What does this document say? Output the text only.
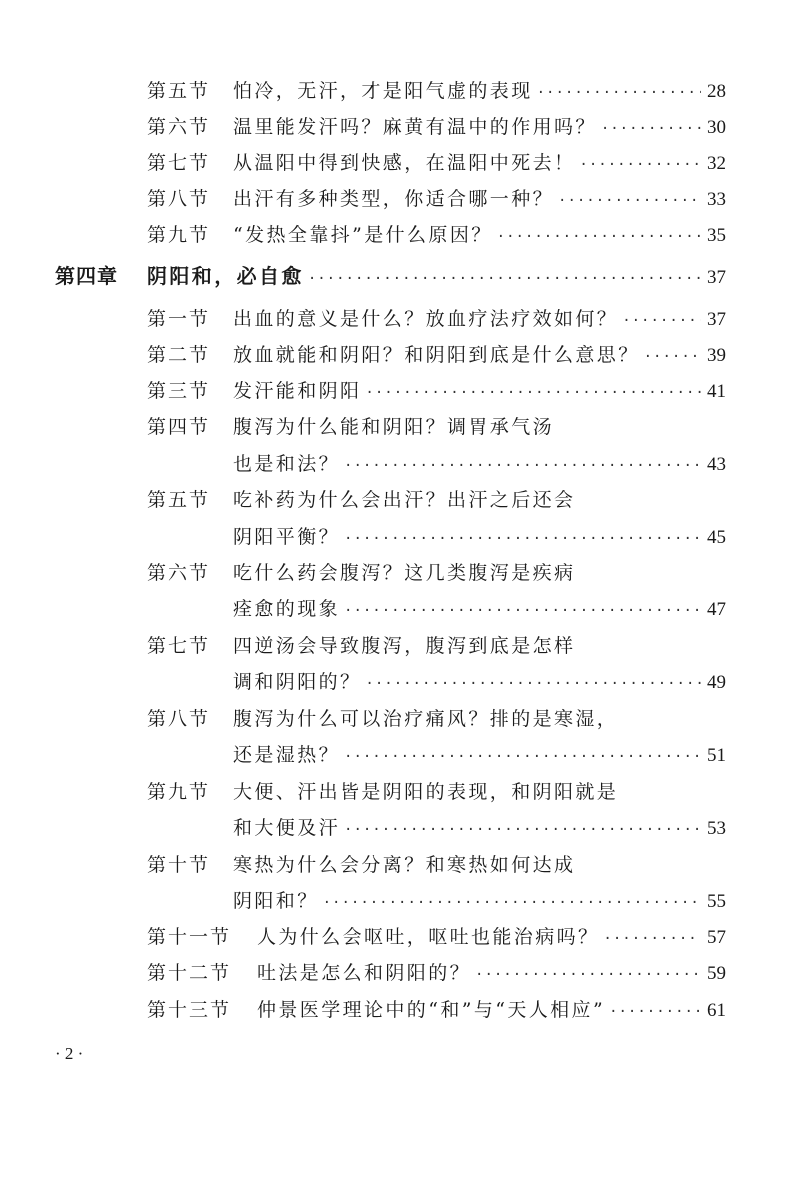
第五节	怕冷，无汗，才是阳气虚的表现 ·····	28
第六节	温里能发汗吗？麻黄有温中的作用吗？ ·····	30
第七节	从温阳中得到快感，在温阳中死去！ ·····	32
第八节	出汗有多种类型，你适合哪一种？ ·····	33
第九节	“发热全靠抖”是什么原因？ ·····	35
第四章	阴阳和，必自愈 ·····	37
第一节	出血的意义是什么？放血疗法疗效如何？ ·····	37
第二节	放血就能和阴阳？和阴阳到底是什么意思？ ·····	39
第三节	发汗能和阴阳 ·····	41
第四节	腹泻为什么能和阴阳？调胃承气汤
也是和法？ ·····	43
第五节	吃补药为什么会出汗？出汗之后还会
阴阳平衡？ ·····	45
第六节	吃什么药会腹泻？这几类腹泻是疾病
痊愈的现象 ·····	47
第七节	四逆汤会导致腹泻，腹泻到底是怎样
调和阴阳的？ ·····	49
第八节	腹泻为什么可以治疗痛风？排的是寒湿，
还是湿热？ ·····	51
第九节	大便、汗出皆是阴阳的表现，和阴阳就是
和大便及汗 ·····	53
第十节	寒热为什么会分离？和寒热如何达成
阴阳和？ ·····	55
第十一节	人为什么会呕吐，呕吐也能治病吗？ ·····	57
第十二节	吐法是怎么和阴阳的？ ·····	59
第十三节	仲景医学理论中的“和”与“天人相应” ·····	61
· 2 ·
